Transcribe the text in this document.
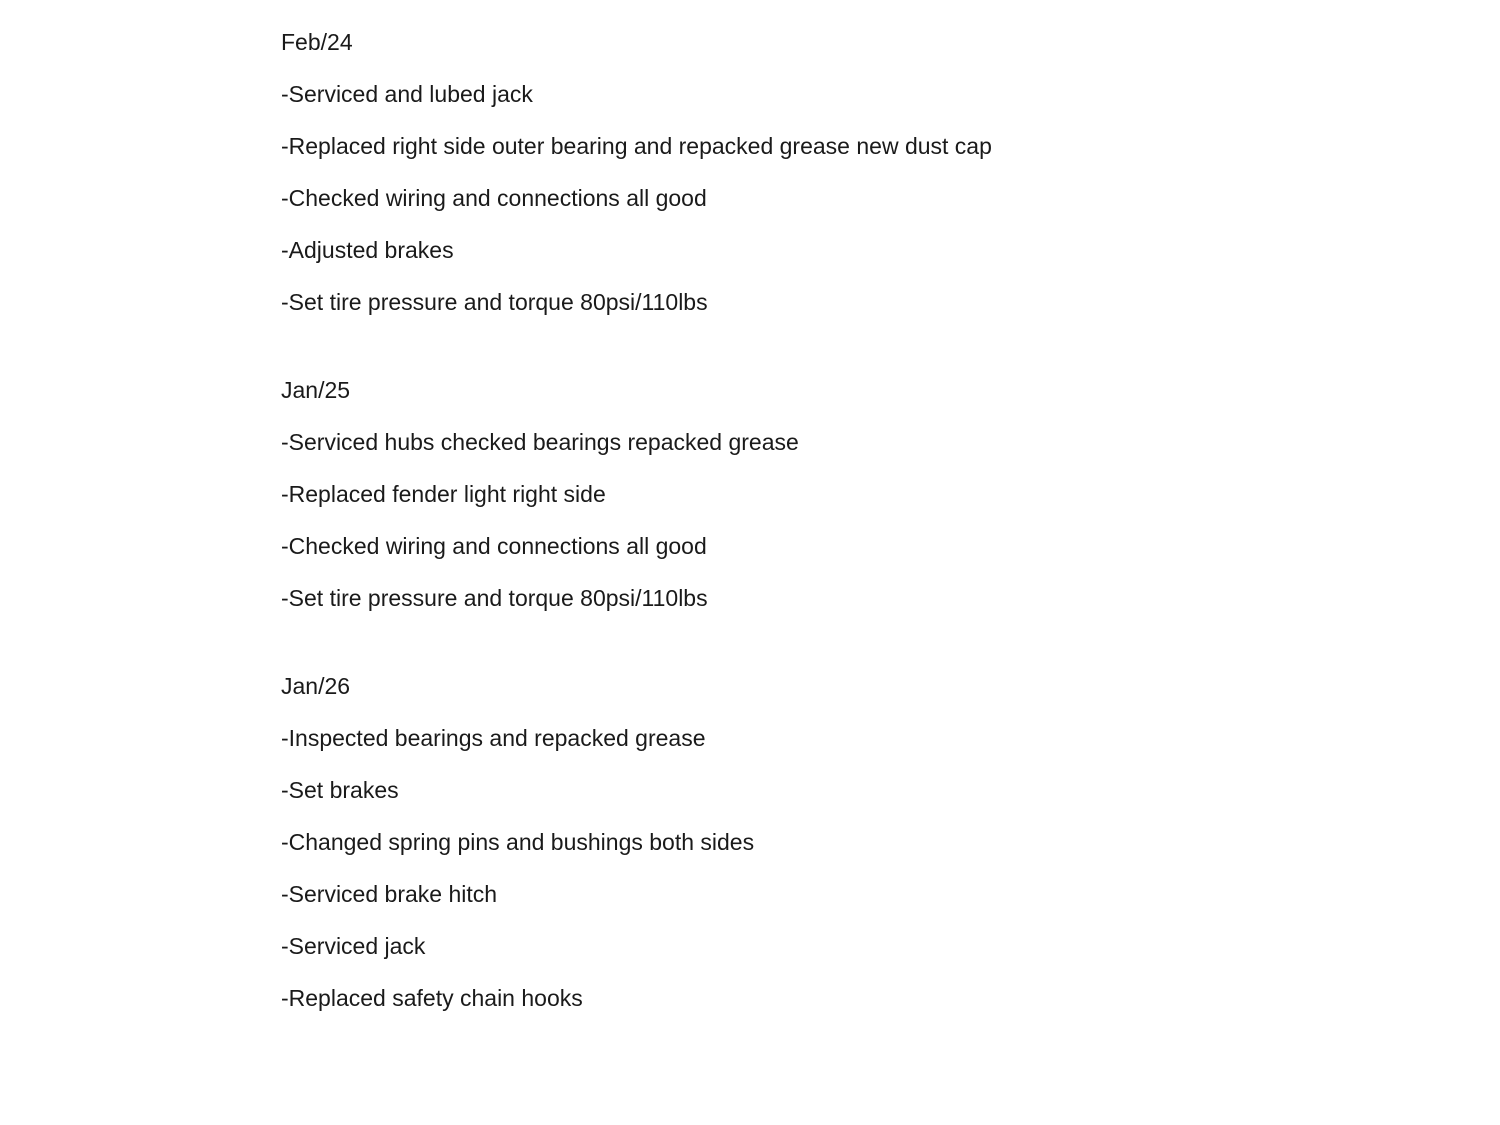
Feb/24
-Serviced and lubed jack
-Replaced right side outer bearing and repacked grease new dust cap
-Checked wiring and connections all good
-Adjusted brakes
-Set tire pressure and torque 80psi/110lbs
Jan/25
-Serviced hubs checked bearings repacked grease
-Replaced fender light right side
-Checked wiring and connections all good
-Set tire pressure and torque 80psi/110lbs
Jan/26
-Inspected bearings and repacked grease
-Set brakes
-Changed spring pins and bushings both sides
-Serviced brake hitch
-Serviced jack
-Replaced safety chain hooks
